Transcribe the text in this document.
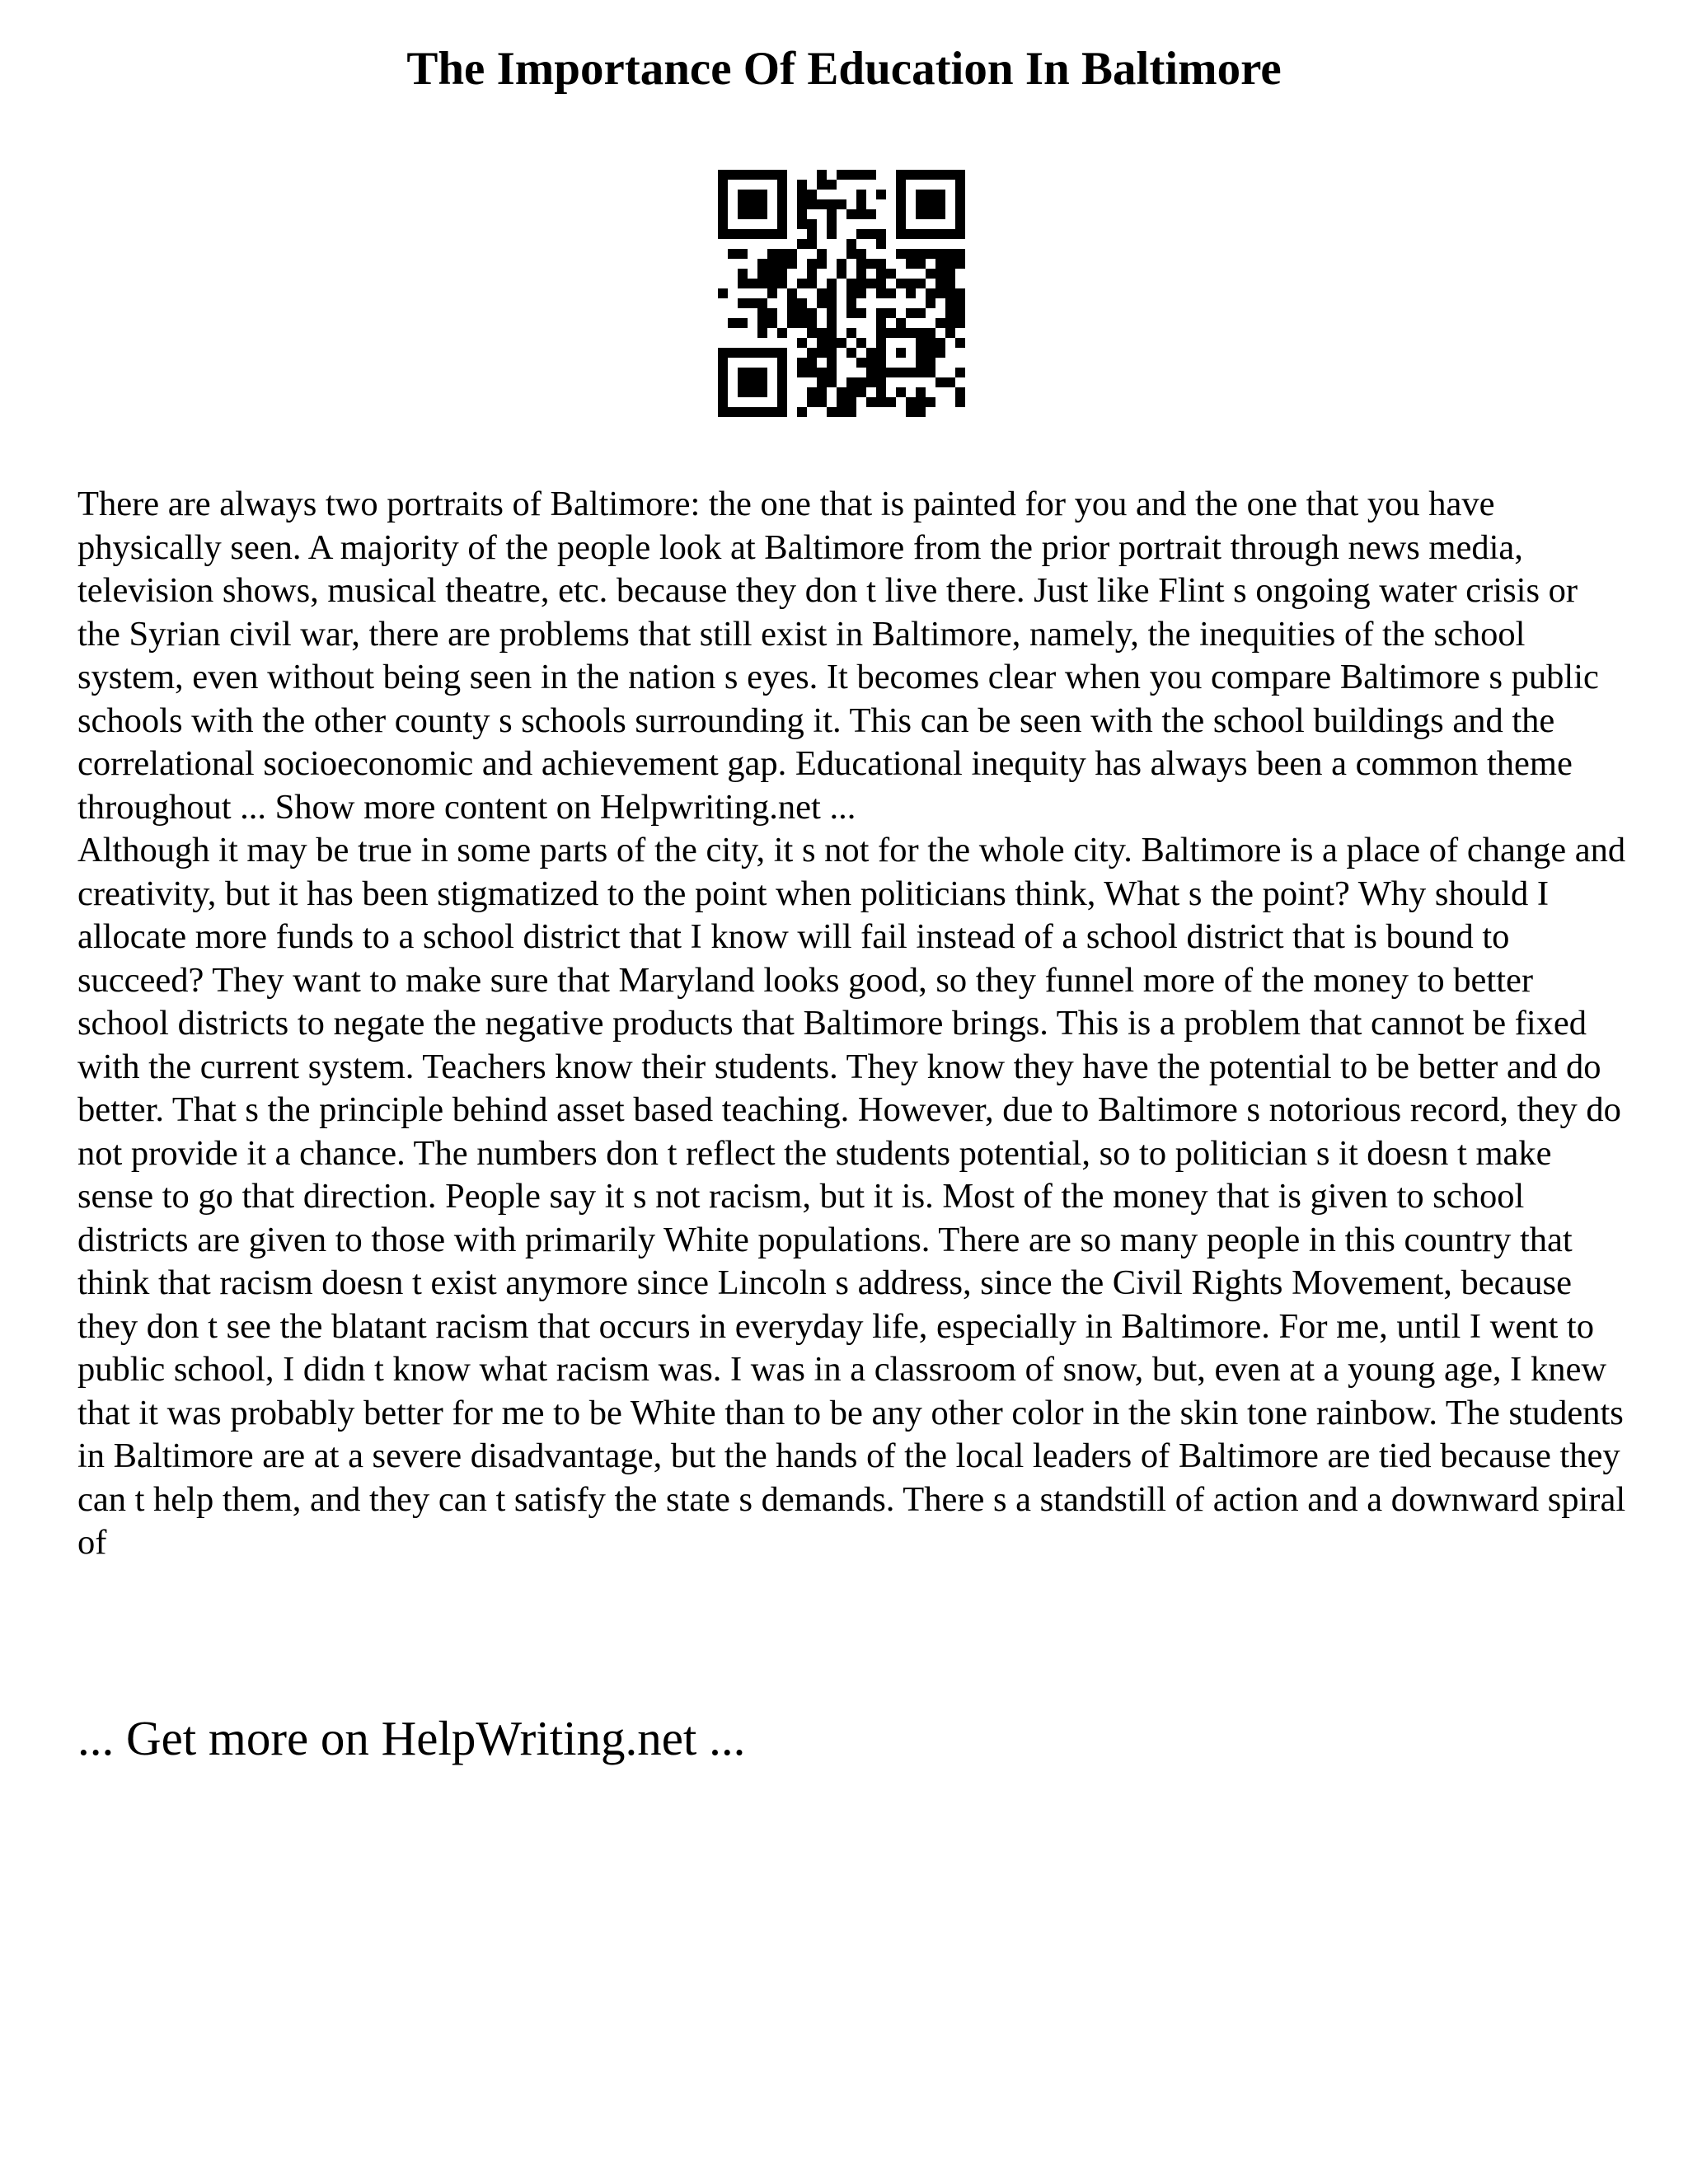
The Importance Of Education In Baltimore

There are always two portraits of Baltimore: the one that is painted for you and the one that you have physically seen. A majority of the people look at Baltimore from the prior portrait through news media, television shows, musical theatre, etc. because they don t live there. Just like Flint s ongoing water crisis or the Syrian civil war, there are problems that still exist in Baltimore, namely, the inequities of the school system, even without being seen in the nation s eyes. It becomes clear when you compare Baltimore s public schools with the other county s schools surrounding it. This can be seen with the school buildings and the correlational socioeconomic and achievement gap. Educational inequity has always been a common theme throughout ... Show more content on Helpwriting.net ...

Although it may be true in some parts of the city, it s not for the whole city. Baltimore is a place of change and creativity, but it has been stigmatized to the point when politicians think, What s the point? Why should I allocate more funds to a school district that I know will fail instead of a school district that is bound to succeed? They want to make sure that Maryland looks good, so they funnel more of the money to better school districts to negate the negative products that Baltimore brings. This is a problem that cannot be fixed with the current system. Teachers know their students. They know they have the potential to be better and do better. That s the principle behind asset based teaching. However, due to Baltimore s notorious record, they do not provide it a chance. The numbers don t reflect the students potential, so to politician s it doesn t make sense to go that direction. People say it s not racism, but it is. Most of the money that is given to school districts are given to those with primarily White populations. There are so many people in this country that think that racism doesn t exist anymore since Lincoln s address, since the Civil Rights Movement, because they don t see the blatant racism that occurs in everyday life, especially in Baltimore. For me, until I went to public school, I didn t know what racism was. I was in a classroom of snow, but, even at a young age, I knew that it was probably better for me to be White than to be any other color in the skin tone rainbow. The students in Baltimore are at a severe disadvantage, but the hands of the local leaders of Baltimore are tied because they can t help them, and they can t satisfy the state s demands. There s a standstill of action and a downward spiral of

... Get more on HelpWriting.net ...
